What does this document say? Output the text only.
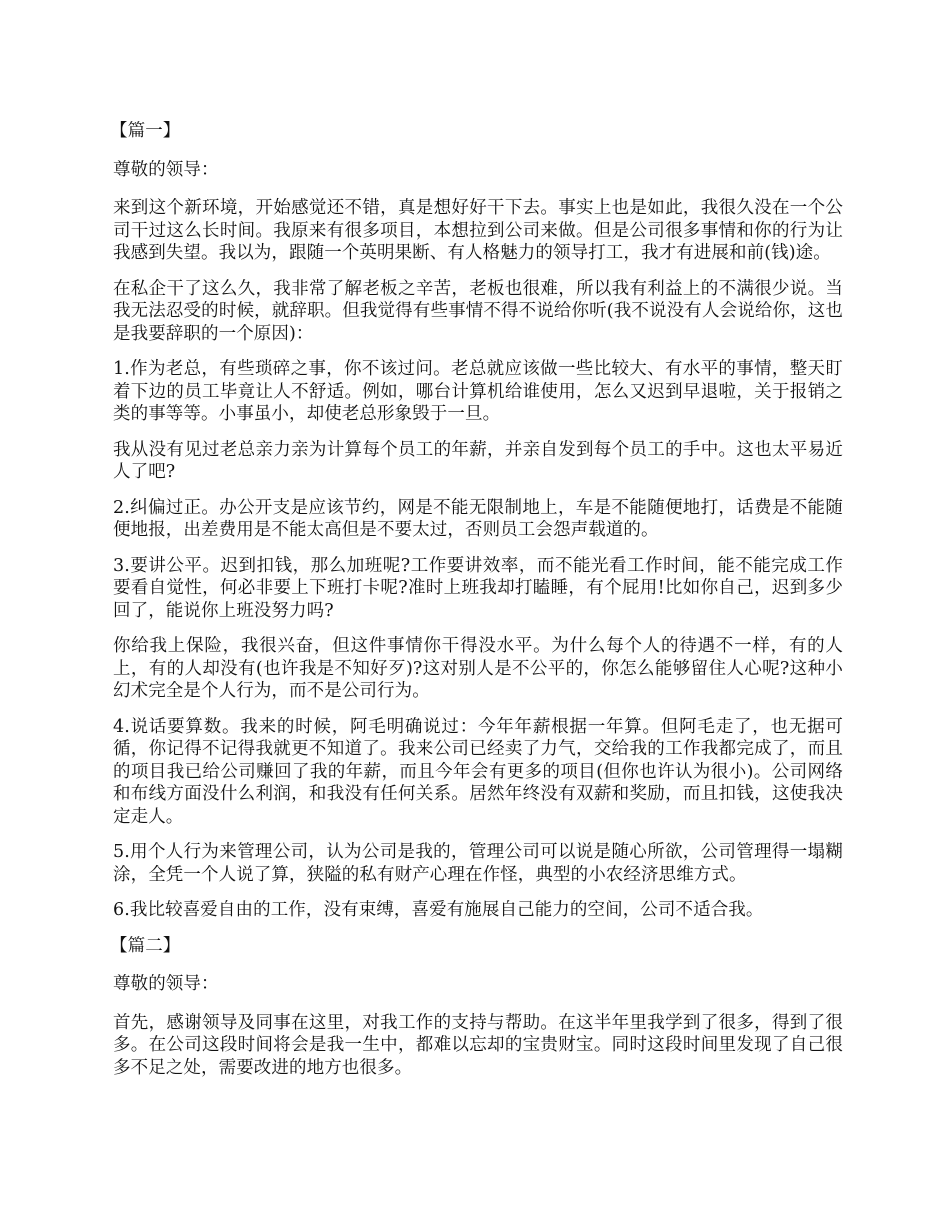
【篇一】

尊敬的领导：

来到这个新环境，开始感觉还不错，真是想好好干下去。事实上也是如此，我很久没在一个公司干过这么长时间。我原来有很多项目，本想拉到公司来做。但是公司很多事情和你的行为让我感到失望。我以为，跟随一个英明果断、有人格魅力的领导打工，我才有进展和前(钱)途。

在私企干了这么久，我非常了解老板之辛苦，老板也很难，所以我有利益上的不满很少说。当我无法忍受的时候，就辞职。但我觉得有些事情不得不说给你听(我不说没有人会说给你，这也是我要辞职的一个原因)：

1.作为老总，有些琐碎之事，你不该过问。老总就应该做一些比较大、有水平的事情，整天盯着下边的员工毕竟让人不舒适。例如，哪台计算机给谁使用，怎么又迟到早退啦，关于报销之类的事等等。小事虽小，却使老总形象毁于一旦。

我从没有见过老总亲力亲为计算每个员工的年薪，并亲自发到每个员工的手中。这也太平易近人了吧?

2.纠偏过正。办公开支是应该节约，网是不能无限制地上，车是不能随便地打，话费是不能随便地报，出差费用是不能太高但是不要太过，否则员工会怨声载道的。

3.要讲公平。迟到扣钱，那么加班呢?工作要讲效率，而不能光看工作时间，能不能完成工作要看自觉性，何必非要上下班打卡呢?准时上班我却打瞌睡，有个屁用!比如你自己，迟到多少回了，能说你上班没努力吗?

你给我上保险，我很兴奋，但这件事情你干得没水平。为什么每个人的待遇不一样，有的人上，有的人却没有(也许我是不知好歹)?这对别人是不公平的，你怎么能够留住人心呢?这种小幻术完全是个人行为，而不是公司行为。

4.说话要算数。我来的时候，阿毛明确说过：今年年薪根据一年算。但阿毛走了，也无据可循，你记得不记得我就更不知道了。我来公司已经卖了力气，交给我的工作我都完成了，而且的项目我已给公司赚回了我的年薪，而且今年会有更多的项目(但你也许认为很小)。公司网络和布线方面没什么利润，和我没有任何关系。居然年终没有双薪和奖励，而且扣钱，这使我决定走人。

5.用个人行为来管理公司，认为公司是我的，管理公司可以说是随心所欲，公司管理得一塌糊涂，全凭一个人说了算，狭隘的私有财产心理在作怪，典型的小农经济思维方式。

6.我比较喜爱自由的工作，没有束缚，喜爱有施展自己能力的空间，公司不适合我。

【篇二】

尊敬的领导：

首先，感谢领导及同事在这里，对我工作的支持与帮助。在这半年里我学到了很多，得到了很多。在公司这段时间将会是我一生中，都难以忘却的宝贵财宝。同时这段时间里发现了自己很多不足之处，需要改进的地方也很多。
